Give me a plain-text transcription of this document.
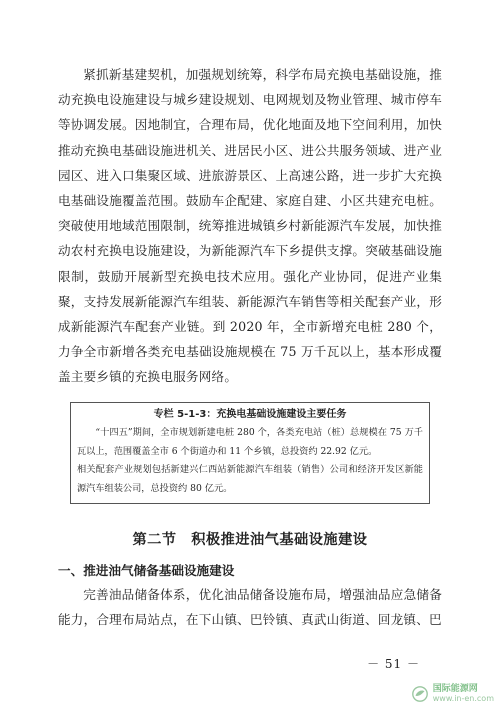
紧抓新基建契机，加强规划统筹，科学布局充换电基础设施，推动充换电设施建设与城乡建设规划、电网规划及物业管理、城市停车等协调发展。因地制宜，合理布局，优化地面及地下空间利用，加快推动充换电基础设施进机关、进居民小区、进公共服务领域、进产业园区、进入口集聚区域、进旅游景区、上高速公路，进一步扩大充换电基础设施覆盖范围。鼓励车企配建、家庭自建、小区共建充电桩。突破使用地域范围限制，统筹推进城镇乡村新能源汽车发展，加快推动农村充换电设施建设，为新能源汽车下乡提供支撑。突破基础设施限制，鼓励开展新型充换电技术应用。强化产业协同，促进产业集聚，支持发展新能源汽车组装、新能源汽车销售等相关配套产业，形成新能源汽车配套产业链。到 2020 年，全市新增充电桩 280 个，力争全市新增各类充电基础设施规模在 75 万千瓦以上，基本形成覆盖主要乡镇的充换电服务网络。

专栏 5-1-3：充换电基础设施建设主要任务

“十四五”期间，全市规划新建电桩 280 个，各类充电站（桩）总规模在 75 万千瓦以上，范围覆盖全市 6 个街道办和 11 个乡镇，总投资约 22.92 亿元。

相关配套产业规划包括新建兴仁西站新能源汽车组装（销售）公司和经济开发区新能源汽车组装公司，总投资约 80 亿元。

第二节　积极推进油气基础设施建设
一、推进油气储备基础设施建设

完善油品储备体系，优化油品储备设施布局，增强油品应急储备能力，合理布局站点，在下山镇、巴铃镇、真武山街道、回龙镇、巴

－ 51 －
国际能源网
www.in-en.com
